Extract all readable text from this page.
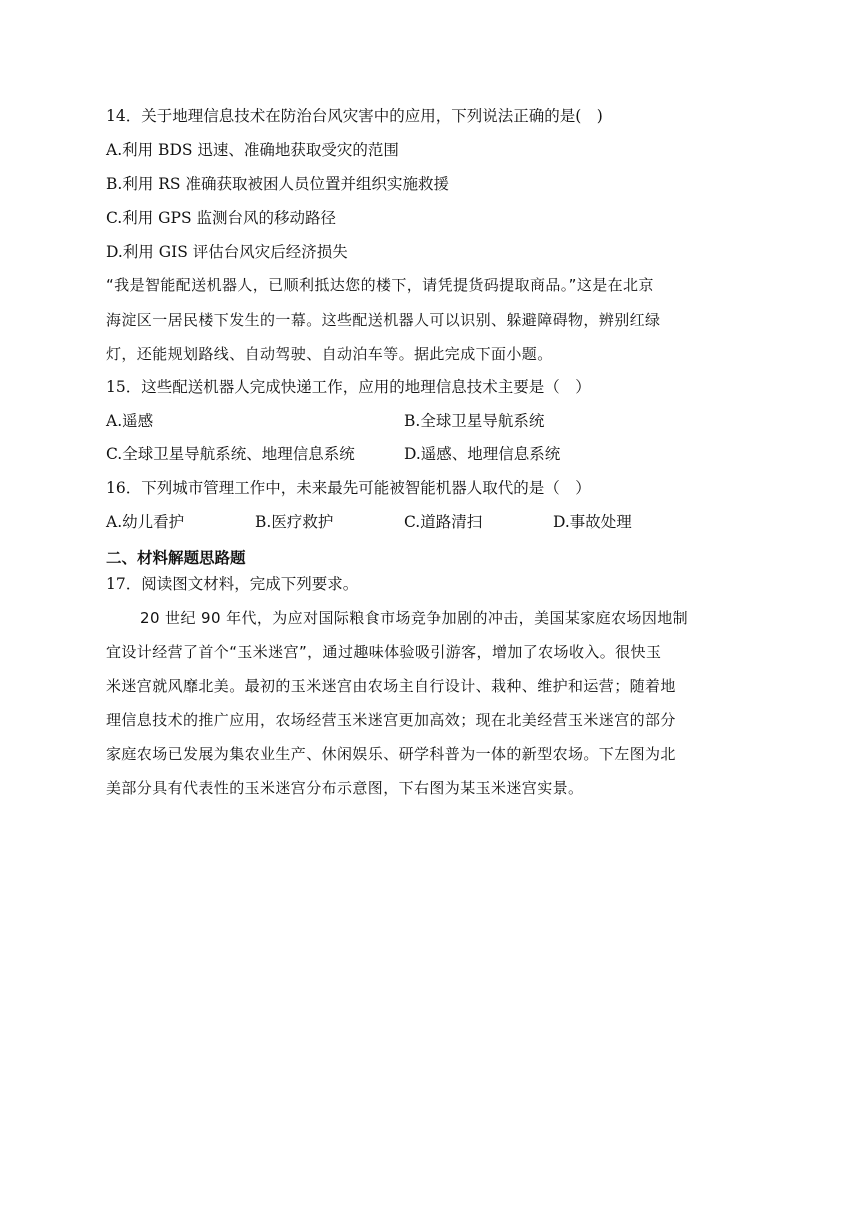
14．关于地理信息技术在防治台风灾害中的应用，下列说法正确的是(　)
A.利用 BDS 迅速、准确地获取受灾的范围
B.利用 RS 准确获取被困人员位置并组织实施救援
C.利用 GPS 监测台风的移动路径
D.利用 GIS 评估台风灾后经济损失
“我是智能配送机器人，已顺利抵达您的楼下，请凭提货码提取商品。”这是在北京
海淀区一居民楼下发生的一幕。这些配送机器人可以识别、躲避障碍物，辨别红绿
灯，还能规划路线、自动驾驶、自动泊车等。据此完成下面小题。
15．这些配送机器人完成快递工作，应用的地理信息技术主要是（　）
A.遥感	B.全球卫星导航系统
C.全球卫星导航系统、地理信息系统	D.遥感、地理信息系统
16．下列城市管理工作中，未来最先可能被智能机器人取代的是（　）
A.幼儿看护	B.医疗救护	C.道路清扫	D.事故处理
二、材料解题思路题
17．阅读图文材料，完成下列要求。
20 世纪 90 年代，为应对国际粮食市场竞争加剧的冲击，美国某家庭农场因地制
宜设计经营了首个“玉米迷宫”，通过趣味体验吸引游客，增加了农场收入。很快玉
米迷宫就风靡北美。最初的玉米迷宫由农场主自行设计、栽种、维护和运营；随着地
理信息技术的推广应用，农场经营玉米迷宫更加高效；现在北美经营玉米迷宫的部分
家庭农场已发展为集农业生产、休闲娱乐、研学科普为一体的新型农场。下左图为北
美部分具有代表性的玉米迷宫分布示意图，下右图为某玉米迷宫实景。
